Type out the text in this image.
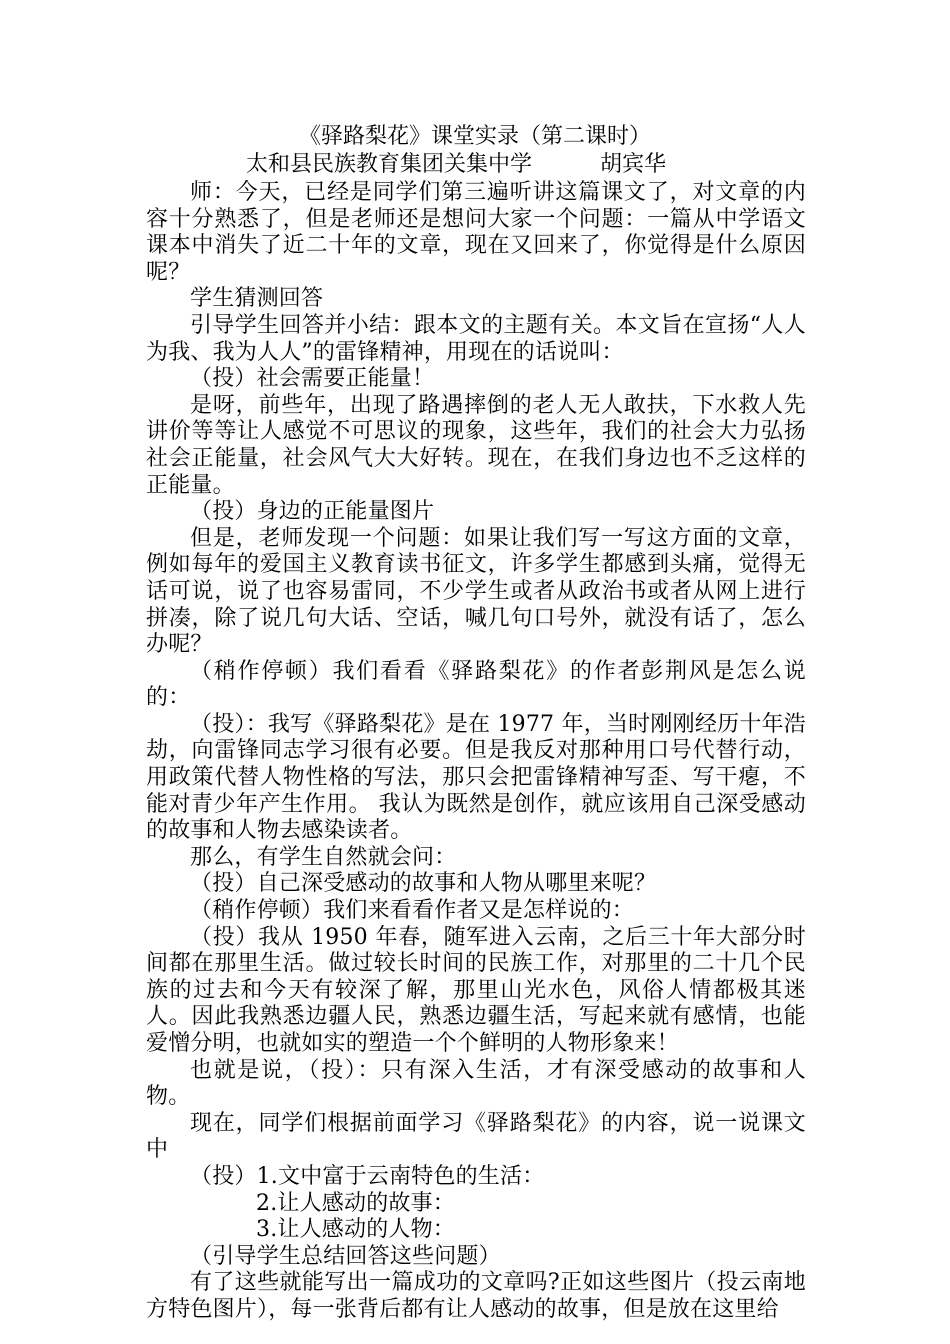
《驿路梨花》课堂实录（第二课时）
太和县民族教育集团关集中学	胡宾华

师：今天，已经是同学们第三遍听讲这篇课文了，对文章的内容十分熟悉了，但是老师还是想问大家一个问题：一篇从中学语文课本中消失了近二十年的文章，现在又回来了，你觉得是什么原因呢？

学生猜测回答

引导学生回答并小结：跟本文的主题有关。本文旨在宣扬“人人为我、我为人人”的雷锋精神，用现在的话说叫：

（投）社会需要正能量！

是呀，前些年，出现了路遇摔倒的老人无人敢扶，下水救人先讲价等等让人感觉不可思议的现象，这些年，我们的社会大力弘扬社会正能量，社会风气大大好转。现在，在我们身边也不乏这样的正能量。

（投）身边的正能量图片

但是，老师发现一个问题：如果让我们写一写这方面的文章，例如每年的爱国主义教育读书征文，许多学生都感到头痛，觉得无话可说，说了也容易雷同，不少学生或者从政治书或者从网上进行拼凑，除了说几句大话、空话，喊几句口号外，就没有话了，怎么办呢？

（稍作停顿）我们看看《驿路梨花》的作者彭荆风是怎么说的：

（投）：我写《驿路梨花》是在 1977 年，当时刚刚经历十年浩劫，向雷锋同志学习很有必要。但是我反对那种用口号代替行动，用政策代替人物性格的写法，那只会把雷锋精神写歪、写干瘪，不能对青少年产生作用。 我认为既然是创作，就应该用自己深受感动的故事和人物去感染读者。

那么，有学生自然就会问：

（投）自己深受感动的故事和人物从哪里来呢？

（稍作停顿）我们来看看作者又是怎样说的：

（投）我从 1950 年春，随军进入云南，之后三十年大部分时间都在那里生活。做过较长时间的民族工作，对那里的二十几个民族的过去和今天有较深了解，那里山光水色，风俗人情都极其迷人。因此我熟悉边疆人民，熟悉边疆生活，写起来就有感情，也能爱憎分明，也就如实的塑造一个个鲜明的人物形象来！

也就是说，（投）：只有深入生活，才有深受感动的故事和人物。

现在，同学们根据前面学习《驿路梨花》的内容，说一说课文中

（投）1.文中富于云南特色的生活：

2.让人感动的故事：

3.让人感动的人物：

（引导学生总结回答这些问题）

有了这些就能写出一篇成功的文章吗?正如这些图片（投云南地方特色图片），每一张背后都有让人感动的故事，但是放在这里给
